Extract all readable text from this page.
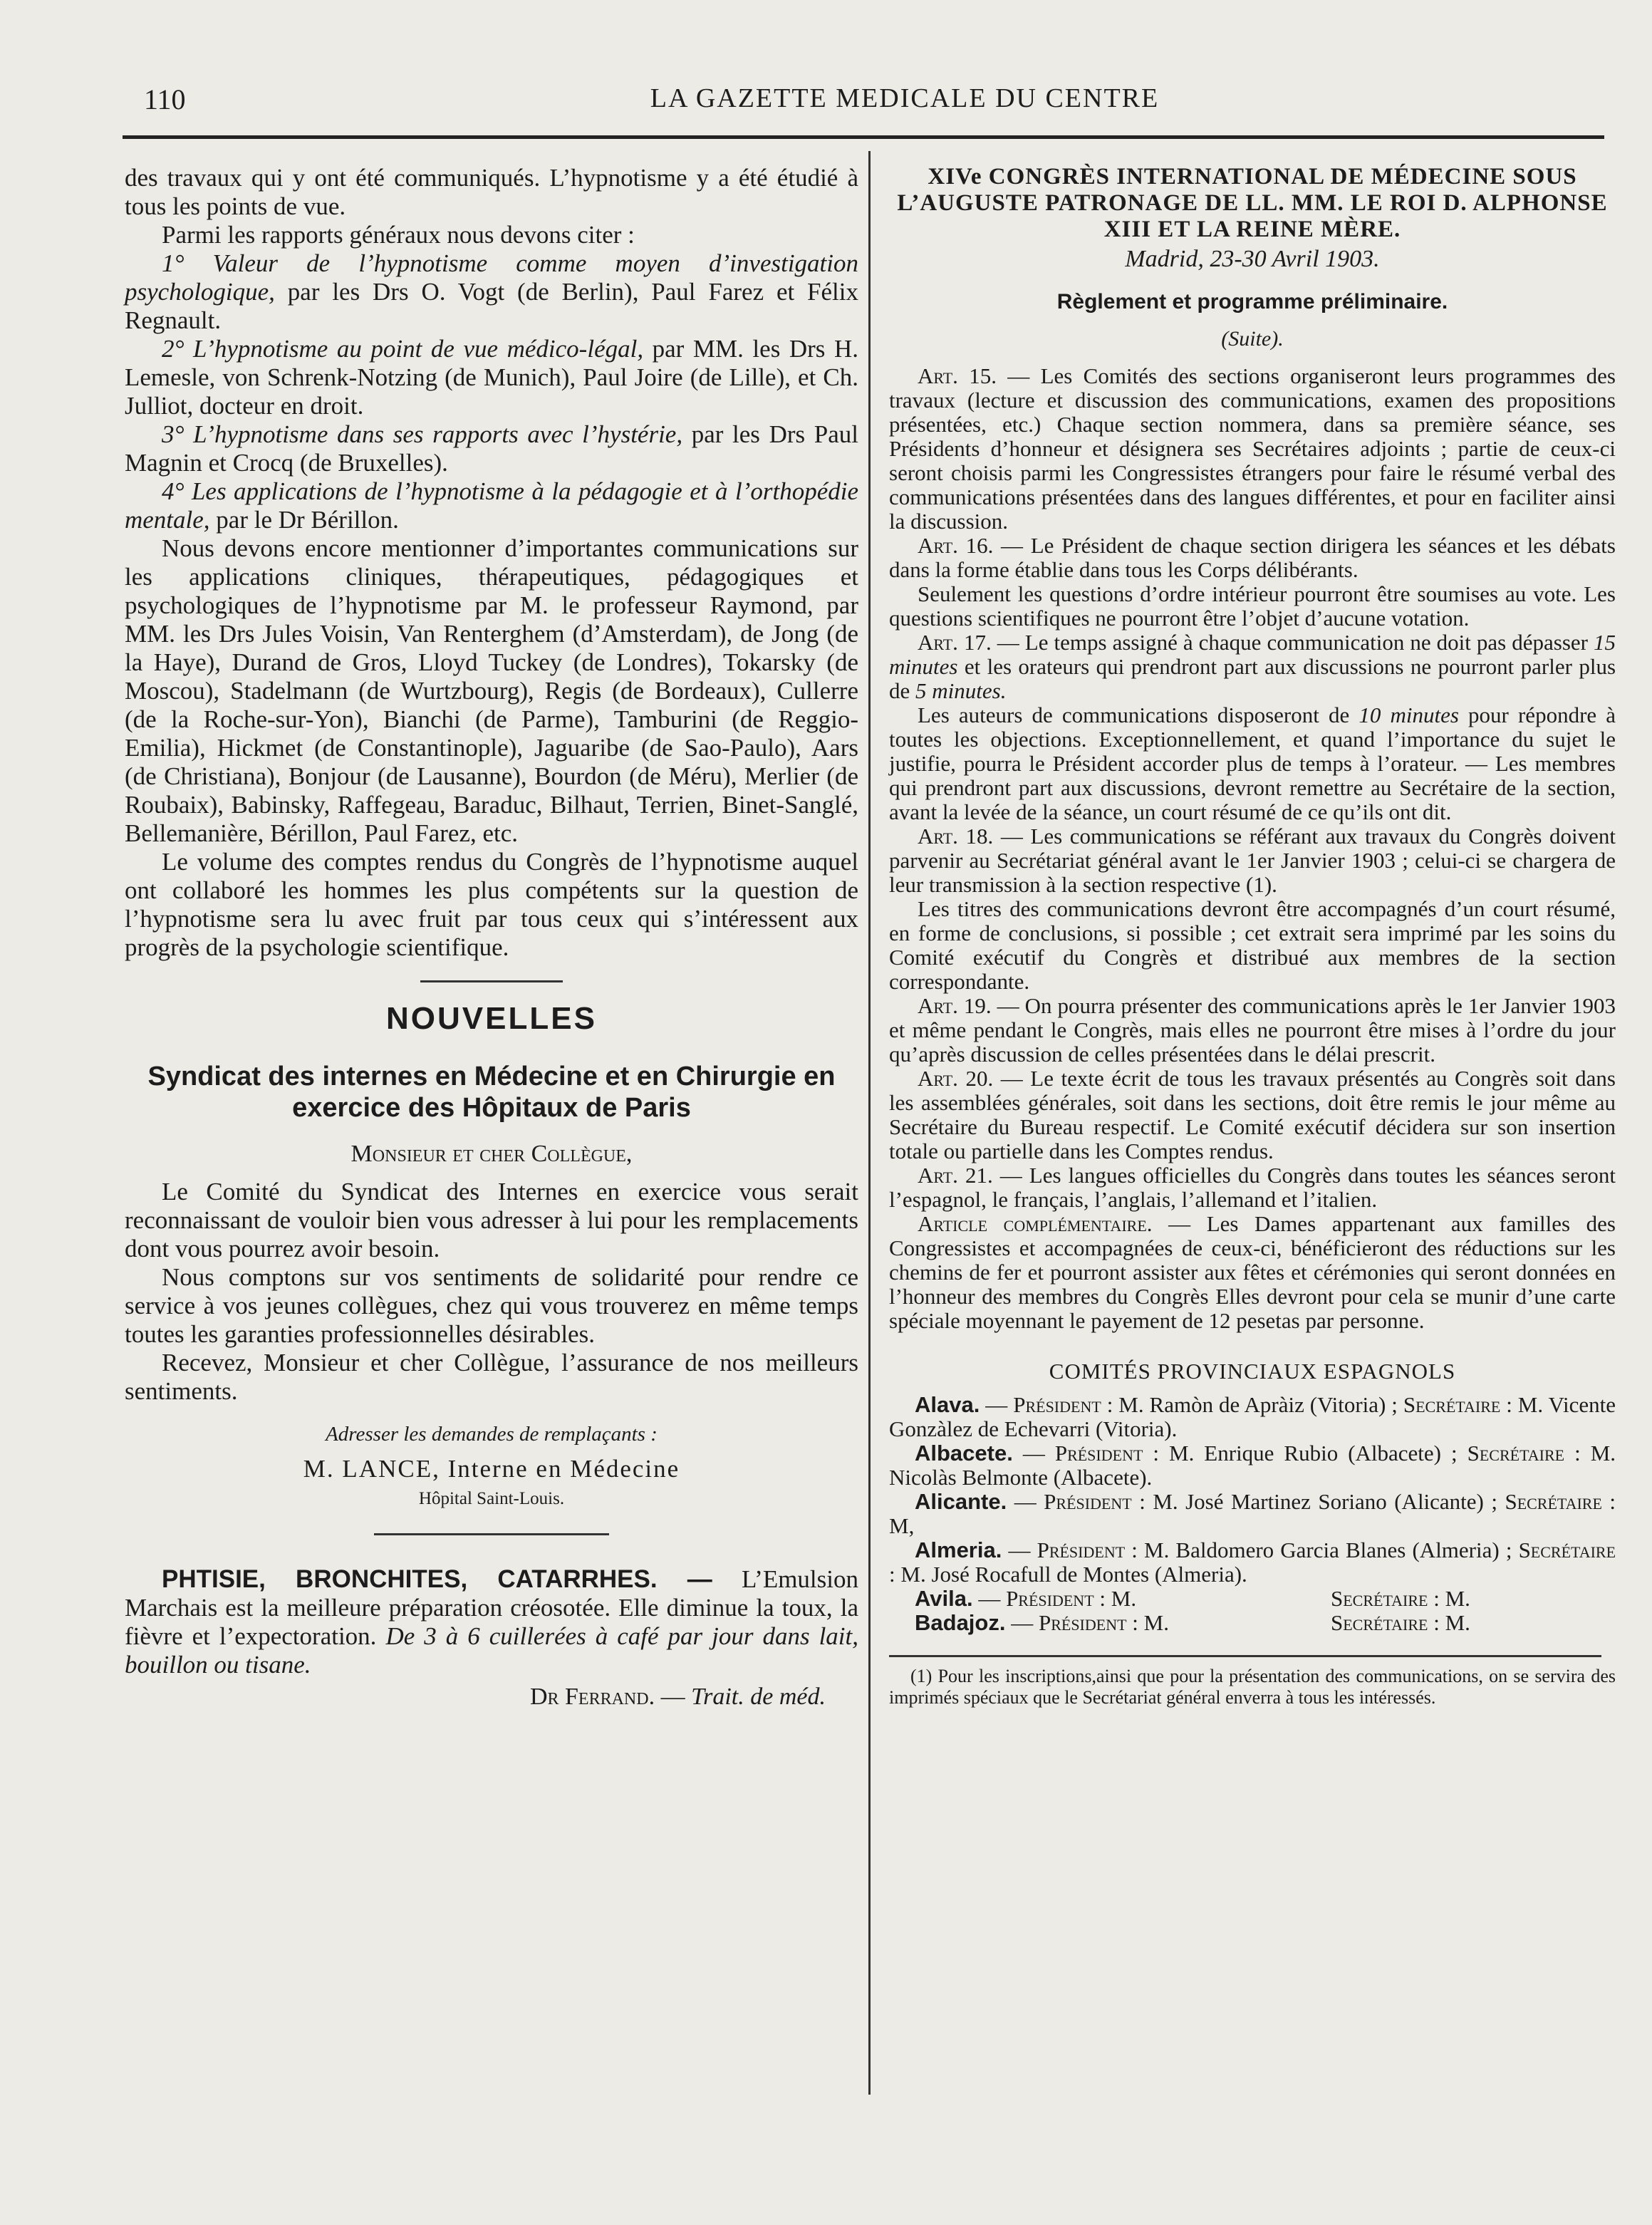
110	LA GAZETTE MEDICALE DU CENTRE

des travaux qui y ont été communiqués. L’hypnotisme y a été étudié à tous les points de vue.

Parmi les rapports généraux nous devons citer :

1° Valeur de l’hypnotisme comme moyen d’investigation psychologique, par les Drs O. Vogt (de Berlin), Paul Farez et Félix Regnault.

2° L’hypnotisme au point de vue médico-légal, par MM. les Drs H. Lemesle, von Schrenk-Notzing (de Munich), Paul Joire (de Lille), et Ch. Julliot, docteur en droit.

3° L’hypnotisme dans ses rapports avec l’hystérie, par les Drs Paul Magnin et Crocq (de Bruxelles).

4° Les applications de l’hypnotisme à la pédagogie et à l’orthopédie mentale, par le Dr Bérillon.

Nous devons encore mentionner d’importantes communications sur les applications cliniques, thérapeutiques, pédagogiques et psychologiques de l’hypnotisme par M. le professeur Raymond, par MM. les Drs Jules Voisin, Van Renterghem (d’Amsterdam), de Jong (de la Haye), Durand de Gros, Lloyd Tuckey (de Londres), Tokarsky (de Moscou), Stadelmann (de Wurtzbourg), Regis (de Bordeaux), Cullerre (de la Roche-sur-Yon), Bianchi (de Parme), Tamburini (de Reggio-Emilia), Hickmet (de Constantinople), Jaguaribe (de Sao-Paulo), Aars (de Christiana), Bonjour (de Lausanne), Bourdon (de Méru), Merlier (de Roubaix), Babinsky, Raffegeau, Baraduc, Bilhaut, Terrien, Binet-Sanglé, Bellemanière, Bérillon, Paul Farez, etc.

Le volume des comptes rendus du Congrès de l’hypnotisme auquel ont collaboré les hommes les plus compétents sur la question de l’hypnotisme sera lu avec fruit par tous ceux qui s’intéressent aux progrès de la psychologie scientifique.

NOUVELLES
Syndicat des internes en Médecine et en Chirurgie en exercice des Hôpitaux de Paris
Monsieur et cher Collègue,

Le Comité du Syndicat des Internes en exercice vous serait reconnaissant de vouloir bien vous adresser à lui pour les remplacements dont vous pourrez avoir besoin.

Nous comptons sur vos sentiments de solidarité pour rendre ce service à vos jeunes collègues, chez qui vous trouverez en même temps toutes les garanties professionnelles désirables.

Recevez, Monsieur et cher Collègue, l’assurance de nos meilleurs sentiments.

Adresser les demandes de remplaçants :
M. LANCE, Interne en Médecine
Hôpital Saint-Louis.

PHTISIE, BRONCHITES, CATARRHES. — L’Emulsion Marchais est la meilleure préparation créosotée. Elle diminue la toux, la fièvre et l’expectoration. De 3 à 6 cuillerées à café par jour dans lait, bouillon ou tisane.

Dr Ferrand. — Trait. de méd.
XIVe CONGRÈS INTERNATIONAL DE MÉDECINE SOUS L’AUGUSTE PATRONAGE DE LL. MM. LE ROI D. ALPHONSE XIII ET LA REINE MÈRE.
Madrid, 23-30 Avril 1903.
Règlement et programme préliminaire.
(Suite).

Art. 15. — Les Comités des sections organiseront leurs programmes des travaux (lecture et discussion des communications, examen des propositions présentées, etc.) Chaque section nommera, dans sa première séance, ses Présidents d’honneur et désignera ses Secrétaires adjoints ; partie de ceux-ci seront choisis parmi les Congressistes étrangers pour faire le résumé verbal des communications présentées dans des langues différentes, et pour en faciliter ainsi la discussion.

Art. 16. — Le Président de chaque section dirigera les séances et les débats dans la forme établie dans tous les Corps délibérants.

Seulement les questions d’ordre intérieur pourront être soumises au vote. Les questions scientifiques ne pourront être l’objet d’aucune votation.

Art. 17. — Le temps assigné à chaque communication ne doit pas dépasser 15 minutes et les orateurs qui prendront part aux discussions ne pourront parler plus de 5 minutes.

Les auteurs de communications disposeront de 10 minutes pour répondre à toutes les objections. Exceptionnellement, et quand l’importance du sujet le justifie, pourra le Président accorder plus de temps à l’orateur. — Les membres qui prendront part aux discussions, devront remettre au Secrétaire de la section, avant la levée de la séance, un court résumé de ce qu’ils ont dit.

Art. 18. — Les communications se référant aux travaux du Congrès doivent parvenir au Secrétariat général avant le 1er Janvier 1903 ; celui-ci se chargera de leur transmission à la section respective (1).

Les titres des communications devront être accompagnés d’un court résumé, en forme de conclusions, si possible ; cet extrait sera imprimé par les soins du Comité exécutif du Congrès et distribué aux membres de la section correspondante.

Art. 19. — On pourra présenter des communications après le 1er Janvier 1903 et même pendant le Congrès, mais elles ne pourront être mises à l’ordre du jour qu’après discussion de celles présentées dans le délai prescrit.

Art. 20. — Le texte écrit de tous les travaux présentés au Congrès soit dans les assemblées générales, soit dans les sections, doit être remis le jour même au Secrétaire du Bureau respectif. Le Comité exécutif décidera sur son insertion totale ou partielle dans les Comptes rendus.

Art. 21. — Les langues officielles du Congrès dans toutes les séances seront l’espagnol, le français, l’anglais, l’allemand et l’italien.

Article complémentaire. — Les Dames appartenant aux familles des Congressistes et accompagnées de ceux-ci, bénéficieront des réductions sur les chemins de fer et pourront assister aux fêtes et cérémonies qui seront données en l’honneur des membres du Congrès Elles devront pour cela se munir d’une carte spéciale moyennant le payement de 12 pesetas par personne.

COMITÉS PROVINCIAUX ESPAGNOLS

Alava. — Président : M. Ramòn de Apràiz (Vitoria) ; Secrétaire : M. Vicente Gonzàlez de Echevarri (Vitoria).

Albacete. — Président : M. Enrique Rubio (Albacete) ; Secrétaire : M. Nicolàs Belmonte (Albacete).

Alicante. — Président : M. José Martinez Soriano (Alicante) ; Secrétaire : M,

Almeria. — Président : M. Baldomero Garcia Blanes (Almeria) ; Secrétaire : M. José Rocafull de Montes (Almeria).

Avila. — Président : M.	Secrétaire : M.
Badajoz. — Président : M.	Secrétaire : M.

(1) Pour les inscriptions,ainsi que pour la présentation des communications, on se servira des imprimés spéciaux que le Secrétariat général enverra à tous les intéressés.
